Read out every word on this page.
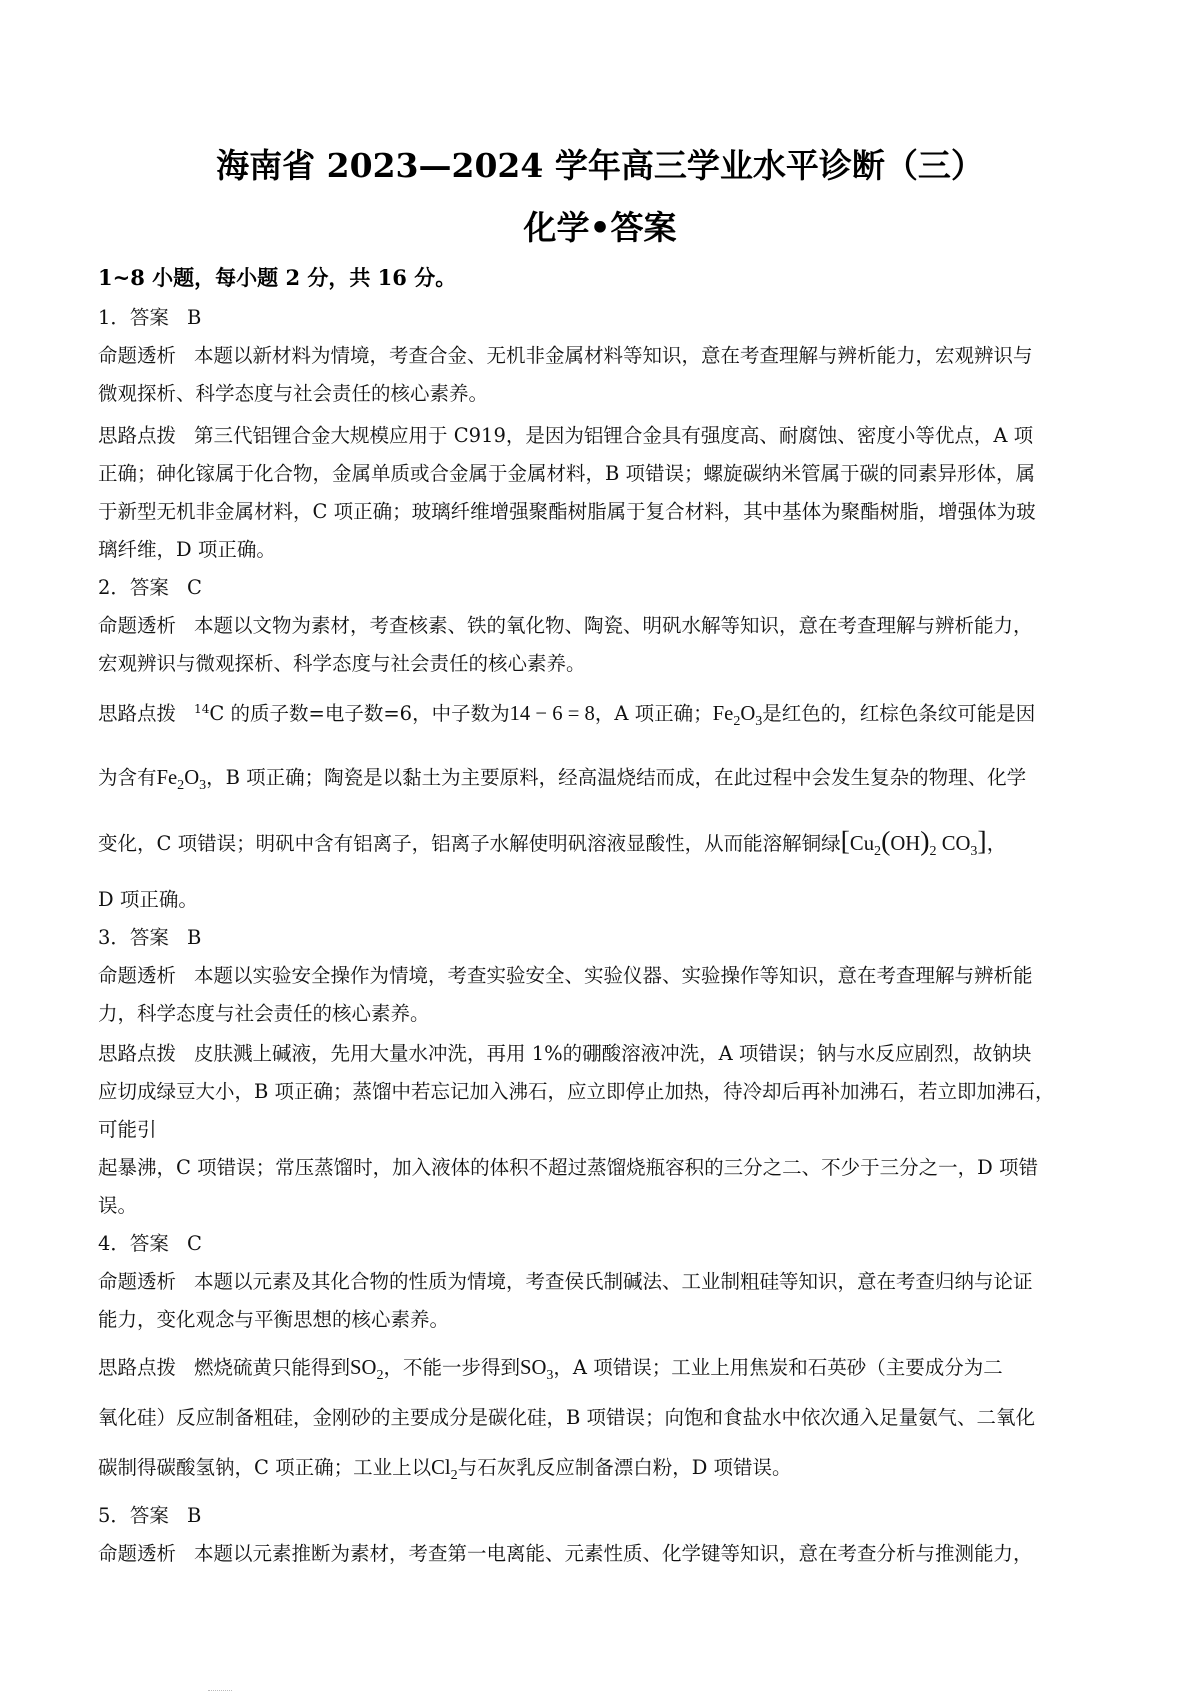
海南省 2023—2024 学年高三学业水平诊断（三）
化学•答案
1~8 小题，每小题 2 分，共 16 分。
1．答案 B
命题透析 本题以新材料为情境，考查合金、无机非金属材料等知识，意在考查理解与辨析能力，宏观辨识与
微观探析、科学态度与社会责任的核心素养。
思路点拨 第三代铝锂合金大规模应用于 C919，是因为铝锂合金具有强度高、耐腐蚀、密度小等优点，A 项
正确；砷化镓属于化合物，金属单质或合金属于金属材料，B 项错误；螺旋碳纳米管属于碳的同素异形体，属
于新型无机非金属材料，C 项正确；玻璃纤维增强聚酯树脂属于复合材料，其中基体为聚酯树脂，增强体为玻
璃纤维，D 项正确。
2．答案 C
命题透析 本题以文物为素材，考查核素、铁的氧化物、陶瓷、明矾水解等知识，意在考查理解与辨析能力，
宏观辨识与微观探析、科学态度与社会责任的核心素养。
思路点拨 $^{14}$C 的质子数=电子数=6，中子数为14 − 6 = 8，A 项正确；$Fe_2O_3$是红色的，红棕色条纹可能是因
为含有$Fe_2O_3$，B 项正确；陶瓷是以黏土为主要原料，经高温烧结而成，在此过程中会发生复杂的物理、化学
变化，C 项错误；明矾中含有铝离子，铝离子水解使明矾溶液显酸性，从而能溶解铜绿[$Cu_2(OH)_2$ $CO_3$]，
D 项正确。
3．答案 B
命题透析 本题以实验安全操作为情境，考查实验安全、实验仪器、实验操作等知识，意在考查理解与辨析能
力，科学态度与社会责任的核心素养。
思路点拨 皮肤溅上碱液，先用大量水冲洗，再用 1%的硼酸溶液冲洗，A 项错误；钠与水反应剧烈，故钠块
应切成绿豆大小，B 项正确；蒸馏中若忘记加入沸石，应立即停止加热，待冷却后再补加沸石，若立即加沸石，
可能引
起暴沸，C 项错误；常压蒸馏时，加入液体的体积不超过蒸馏烧瓶容积的三分之二、不少于三分之一，D 项错
误。
4．答案 C
命题透析 本题以元素及其化合物的性质为情境，考查侯氏制碱法、工业制粗硅等知识，意在考查归纳与论证
能力，变化观念与平衡思想的核心素养。
思路点拨 燃烧硫黄只能得到$SO_2$，不能一步得到$SO_3$，A 项错误；工业上用焦炭和石英砂（主要成分为二
氧化硅）反应制备粗硅，金刚砂的主要成分是碳化硅，B 项错误；向饱和食盐水中依次通入足量氨气、二氧化
碳制得碳酸氢钠，C 项正确；工业上以$Cl_2$与石灰乳反应制备漂白粉，D 项错误。
5．答案 B
命题透析 本题以元素推断为素材，考查第一电离能、元素性质、化学键等知识，意在考查分析与推测能力，
